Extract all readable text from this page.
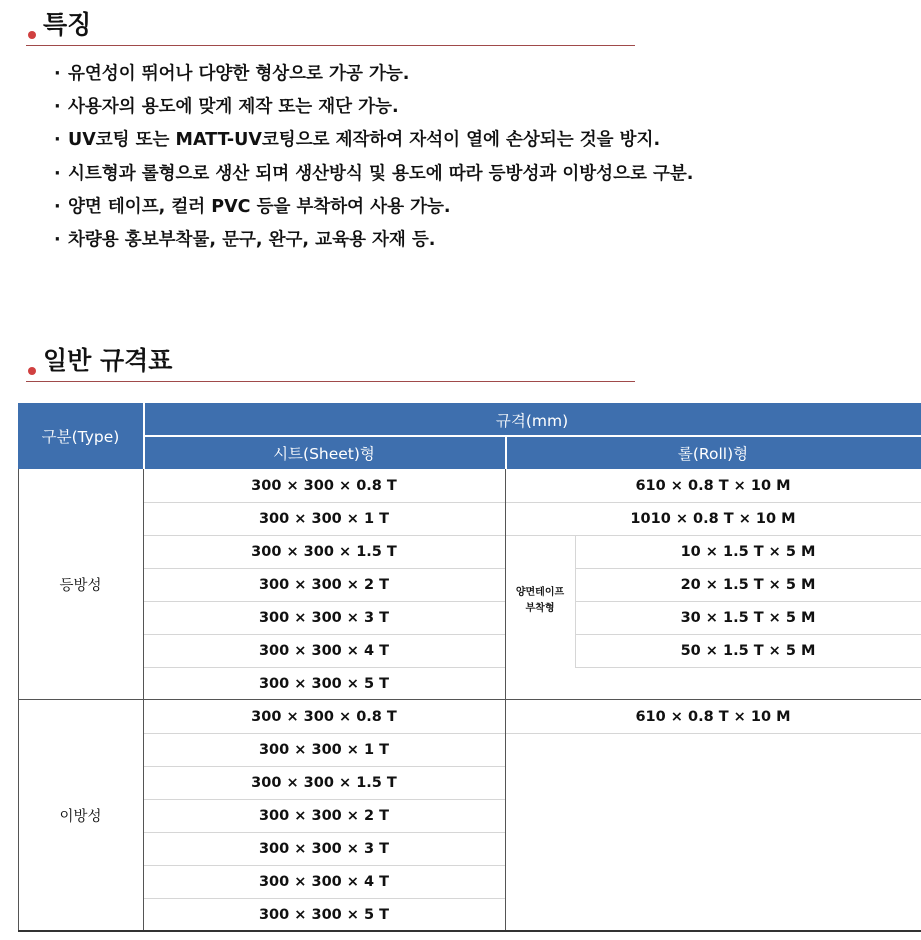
특징
· 유연성이 뛰어나 다양한 형상으로 가공 가능.
· 사용자의 용도에 맞게 제작 또는 재단 가능.
· UV코팅 또는 MATT-UV코팅으로 제작하여 자석이 열에 손상되는 것을 방지.
· 시트형과 롤형으로 생산 되며 생산방식 및 용도에 따라 등방성과 이방성으로 구분.
· 양면 테이프, 컬러 PVC 등을 부착하여 사용 가능.
· 차량용 홍보부착물, 문구, 완구, 교육용 자재 등.
일반 규격표
구분(Type)
규격(mm)
시트(Sheet)형	롤(Roll)형
등방성
300 × 300 × 0.8 T
300 × 300 × 1 T
300 × 300 × 1.5 T
300 × 300 × 2 T
300 × 300 × 3 T
300 × 300 × 4 T
300 × 300 × 5 T
610 × 0.8 T × 10 M
1010 × 0.8 T × 10 M
양면테이프
부착형
10 × 1.5 T × 5 M
20 × 1.5 T × 5 M
30 × 1.5 T × 5 M
50 × 1.5 T × 5 M
이방성
300 × 300 × 0.8 T
300 × 300 × 1 T
300 × 300 × 1.5 T
300 × 300 × 2 T
300 × 300 × 3 T
300 × 300 × 4 T
300 × 300 × 5 T
610 × 0.8 T × 10 M
